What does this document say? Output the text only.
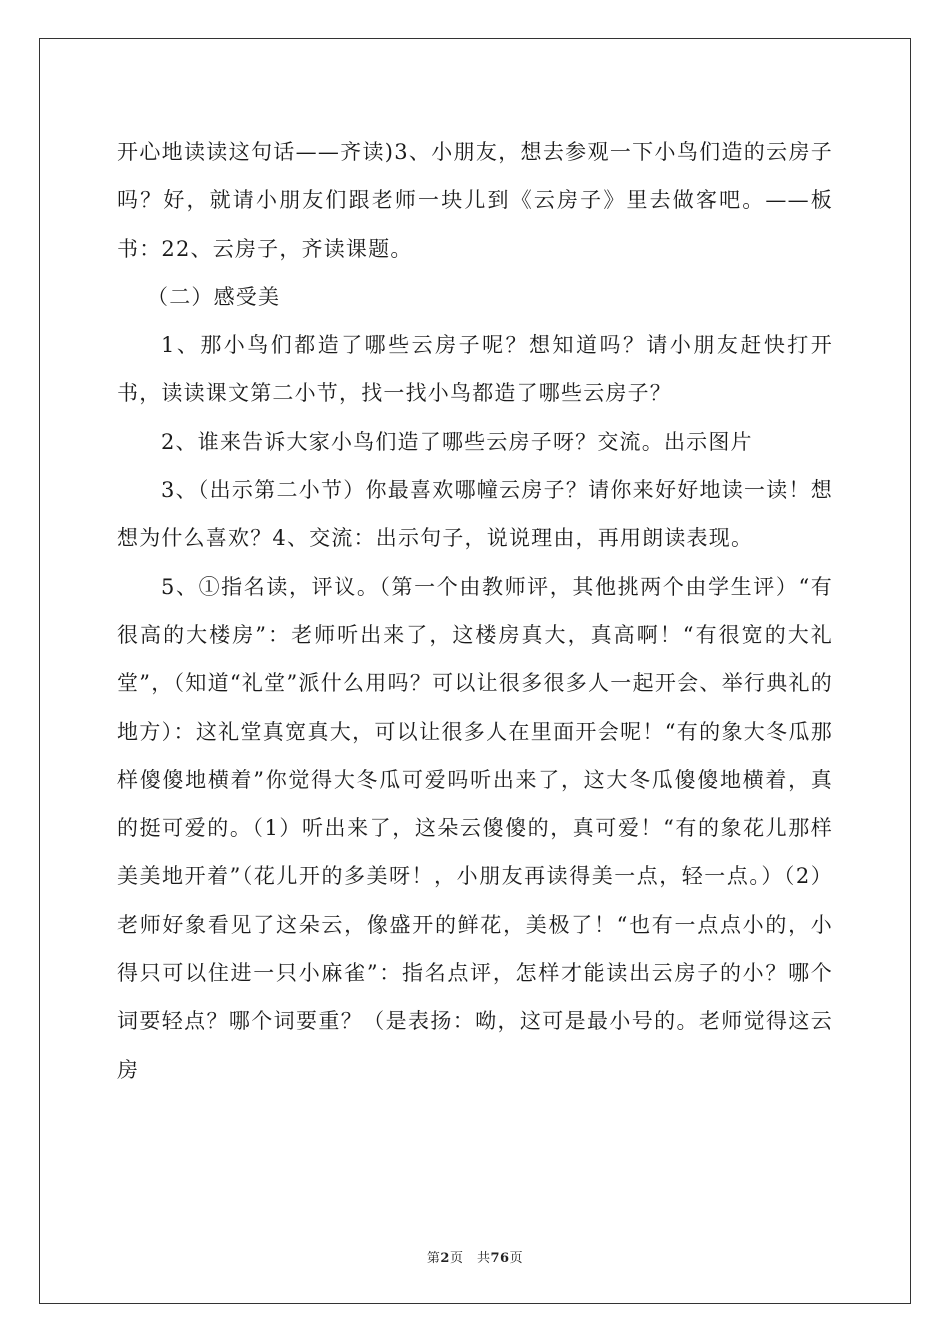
开心地读读这句话——齐读)3、小朋友，想去参观一下小鸟们造的云房子吗？好，就请小朋友们跟老师一块儿到《云房子》里去做客吧。——板书：22、云房子，齐读课题。

（二）感受美

1、那小鸟们都造了哪些云房子呢？想知道吗？请小朋友赶快打开书，读读课文第二小节，找一找小鸟都造了哪些云房子？

2、谁来告诉大家小鸟们造了哪些云房子呀？交流。出示图片

3、（出示第二小节）你最喜欢哪幢云房子？请你来好好地读一读！想想为什么喜欢？4、交流：出示句子，说说理由，再用朗读表现。

5、①指名读，评议。（第一个由教师评，其他挑两个由学生评）“有很高的大楼房”：老师听出来了，这楼房真大，真高啊！“有很宽的大礼堂”，（知道“礼堂”派什么用吗？可以让很多很多人一起开会、举行典礼的地方）：这礼堂真宽真大，可以让很多人在里面开会呢！“有的象大冬瓜那样傻傻地横着”你觉得大冬瓜可爱吗听出来了，这大冬瓜傻傻地横着，真的挺可爱的。（1）听出来了，这朵云傻傻的，真可爱！“有的象花儿那样美美地开着”（花儿开的多美呀！，小朋友再读得美一点，轻一点。）（2）老师好象看见了这朵云，像盛开的鲜花，美极了！“也有一点点小的，小得只可以住进一只小麻雀”：指名点评，怎样才能读出云房子的小？哪个词要轻点？哪个词要重？（是表扬：呦，这可是最小号的。老师觉得这云房

第2页　共76页
